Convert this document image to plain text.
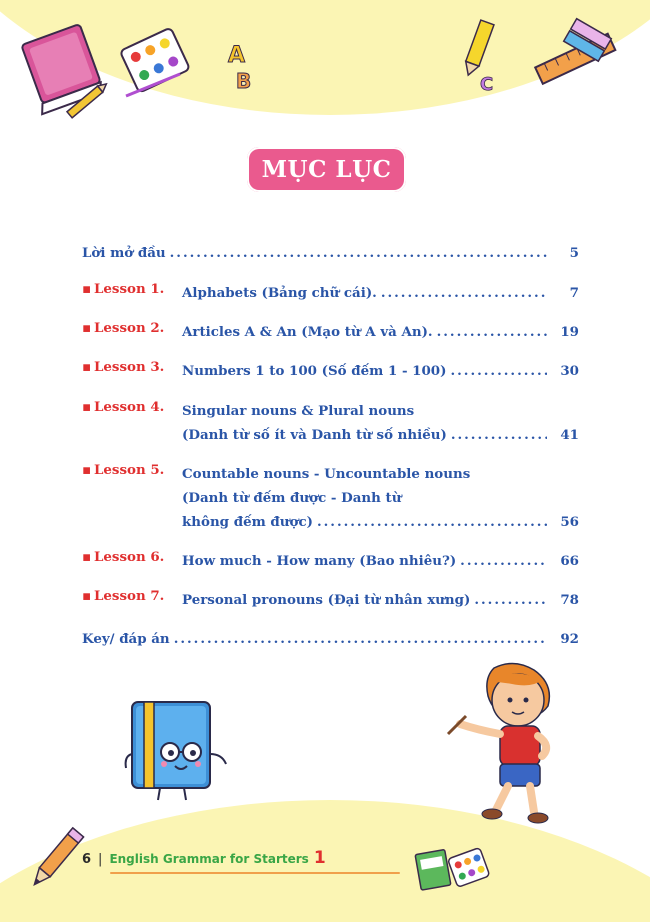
A
B	C
MỤC LỤC
Lời mở đầu .....	5
▪ Lesson 1. Alphabets (Bảng chữ cái). .....	7
▪ Lesson 2. Articles A & An (Mạo từ A và An). .....	19
▪ Lesson 3. Numbers 1 to 100 (Số đếm 1 - 100) .....	30
▪ Lesson 4. Singular nouns & Plural nouns
(Danh từ số ít và Danh từ số nhiều) .....	41
▪ Lesson 5. Countable nouns - Uncountable nouns
(Danh từ đếm được - Danh từ
không đếm được) .....	56
▪ Lesson 6. How much - How many (Bao nhiêu?) .....	66
▪ Lesson 7. Personal pronouns (Đại từ nhân xưng) .....	78
Key/ đáp án .....	92
6 | English Grammar for Starters 1
